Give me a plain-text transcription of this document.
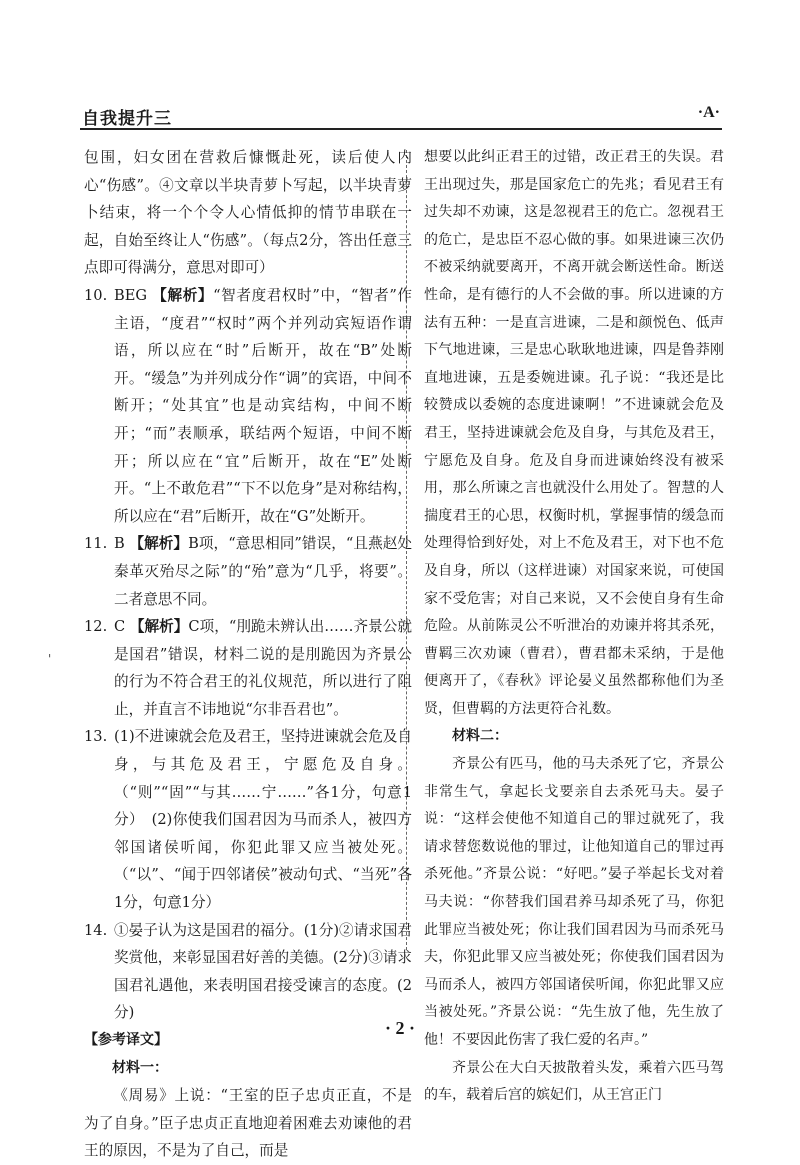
自我提升三	·A·
'
包围，妇女团在营救后慷慨赴死，读后使人内心“伤感”。④文章以半块青萝卜写起，以半块青萝卜结束，将一个个令人心情低抑的情节串联在一起，自始至终让人“伤感”。（每点2分，答出任意三点即可得满分，意思对即可）
10. BEG 【解析】“智者度君权时”中，“智者”作主语，“度君”“权时”两个并列动宾短语作谓语，所以应在“时”后断开，故在“B”处断开。“缓急”为并列成分作“调”的宾语，中间不断开；“处其宜”也是动宾结构，中间不断开；“而”表顺承，联结两个短语，中间不断开；所以应在“宜”后断开，故在“E”处断开。“上不敢危君”“下不以危身”是对称结构，所以应在“君”后断开，故在“G”处断开。
11. B 【解析】B项，“意思相同”错误，“且燕赵处秦革灭殆尽之际”的“殆”意为“几乎，将要”。二者意思不同。
12. C 【解析】C项，“刖跪未辨认出……齐景公就是国君”错误，材料二说的是刖跪因为齐景公的行为不符合君王的礼仪规范，所以进行了阻止，并直言不讳地说“尔非吾君也”。
13. (1)不进谏就会危及君王，坚持进谏就会危及自身，与其危及君王，宁愿危及自身。（“则”“固”“与其……宁……”各1分，句意1分）　(2)你使我们国君因为马而杀人，被四方邻国诸侯听闻，你犯此罪又应当被处死。（“以”、“闻于四邻诸侯”被动句式、“当死”各1分，句意1分）
14. ①晏子认为这是国君的福分。(1分)②请求国君奖赏他，来彰显国君好善的美德。(2分)③请求国君礼遇他，来表明国君接受谏言的态度。(2分)
【参考译文】
材料一：
《周易》上说：“王室的臣子忠贞正直，不是为了自身。”臣子忠贞正直地迎着困难去劝谏他的君王的原因，不是为了自己，而是
想要以此纠正君王的过错，改正君王的失误。君王出现过失，那是国家危亡的先兆；看见君王有过失却不劝谏，这是忽视君王的危亡。忽视君王的危亡，是忠臣不忍心做的事。如果进谏三次仍不被采纳就要离开，不离开就会断送性命。断送性命，是有德行的人不会做的事。所以进谏的方法有五种：一是直言进谏，二是和颜悦色、低声下气地进谏，三是忠心耿耿地进谏，四是鲁莽刚直地进谏，五是委婉进谏。孔子说：“我还是比较赞成以委婉的态度进谏啊！”不进谏就会危及君王，坚持进谏就会危及自身，与其危及君王，宁愿危及自身。危及自身而进谏始终没有被采用，那么所谏之言也就没什么用处了。智慧的人揣度君王的心思，权衡时机，掌握事情的缓急而处理得恰到好处，对上不危及君王，对下也不危及自身，所以（这样进谏）对国家来说，可使国家不受危害；对自己来说，又不会使自身有生命危险。从前陈灵公不听泄冶的劝谏并将其杀死，曹羁三次劝谏（曹君），曹君都未采纳，于是他便离开了，《春秋》评论晏义虽然都称他们为圣贤，但曹羁的方法更符合礼数。
材料二：
齐景公有匹马，他的马夫杀死了它，齐景公非常生气，拿起长戈要亲自去杀死马夫。晏子说：“这样会使他不知道自己的罪过就死了，我请求替您数说他的罪过，让他知道自己的罪过再杀死他。”齐景公说：“好吧。”晏子举起长戈对着马夫说：“你替我们国君养马却杀死了马，你犯此罪应当被处死；你让我们国君因为马而杀死马夫，你犯此罪又应当被处死；你使我们国君因为马而杀人，被四方邻国诸侯听闻，你犯此罪又应当被处死。”齐景公说：“先生放了他，先生放了他！不要因此伤害了我仁爱的名声。”
齐景公在大白天披散着头发，乘着六匹马驾的车，载着后宫的嫔妃们，从王宫正门
· 2 ·
